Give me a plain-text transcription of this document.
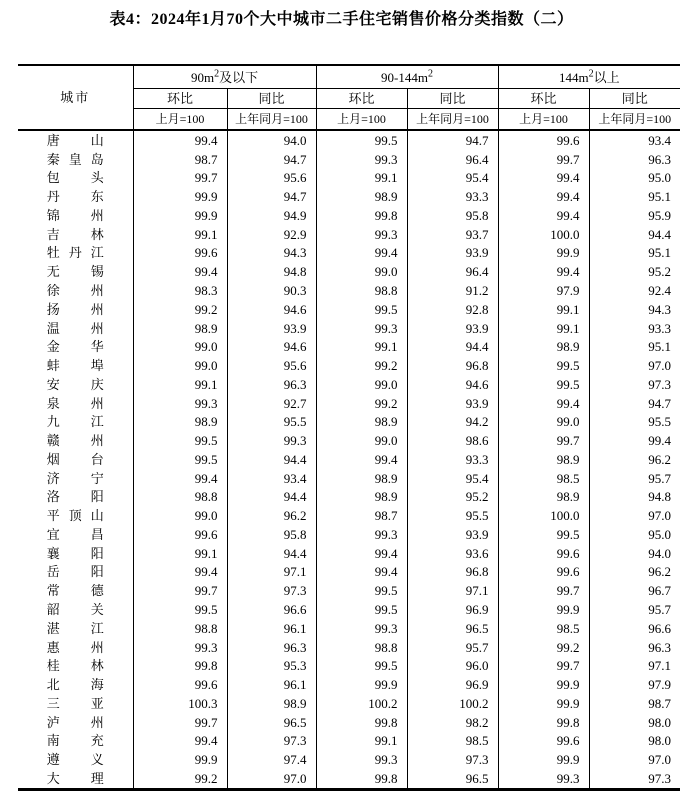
表4：2024年1月70个大中城市二手住宅销售价格分类指数（二）
城市	$90m^2$及以下		$90-144m^2$		$144m^2$以上	
	环比	同比	环比	同比	环比	同比
	上月=100	上年同月=100	上月=100	上年同月=100	上月=100	上年同月=100
唐山	99.4	94.0	99.5	94.7	99.6	93.4
秦皇岛	98.7	94.7	99.3	96.4	99.7	96.3
包头	99.7	95.6	99.1	95.4	99.4	95.0
丹东	99.9	94.7	98.9	93.3	99.4	95.1
锦州	99.9	94.9	99.8	95.8	99.4	95.9
吉林	99.1	92.9	99.3	93.7	100.0	94.4
牡丹江	99.6	94.3	99.4	93.9	99.9	95.1
无锡	99.4	94.8	99.0	96.4	99.4	95.2
徐州	98.3	90.3	98.8	91.2	97.9	92.4
扬州	99.2	94.6	99.5	92.8	99.1	94.3
温州	98.9	93.9	99.3	93.9	99.1	93.3
金华	99.0	94.6	99.1	94.4	98.9	95.1
蚌埠	99.0	95.6	99.2	96.8	99.5	97.0
安庆	99.1	96.3	99.0	94.6	99.5	97.3
泉州	99.3	92.7	99.2	93.9	99.4	94.7
九江	98.9	95.5	98.9	94.2	99.0	95.5
赣州	99.5	99.3	99.0	98.6	99.7	99.4
烟台	99.5	94.4	99.4	93.3	98.9	96.2
济宁	99.4	93.4	98.9	95.4	98.5	95.7
洛阳	98.8	94.4	98.9	95.2	98.9	94.8
平顶山	99.0	96.2	98.7	95.5	100.0	97.0
宜昌	99.6	95.8	99.3	93.9	99.5	95.0
襄阳	99.1	94.4	99.4	93.6	99.6	94.0
岳阳	99.4	97.1	99.4	96.8	99.6	96.2
常德	99.7	97.3	99.5	97.1	99.7	96.7
韶关	99.5	96.6	99.5	96.9	99.9	95.7
湛江	98.8	96.1	99.3	96.5	98.5	96.6
惠州	99.3	96.3	98.8	95.7	99.2	96.3
桂林	99.8	95.3	99.5	96.0	99.7	97.1
北海	99.6	96.1	99.9	96.9	99.9	97.9
三亚	100.3	98.9	100.2	100.2	99.9	98.7
泸州	99.7	96.5	99.8	98.2	99.8	98.0
南充	99.4	97.3	99.1	98.5	99.6	98.0
遵义	99.9	97.4	99.3	97.3	99.9	97.0
大理	99.2	97.0	99.8	96.5	99.3	97.3
